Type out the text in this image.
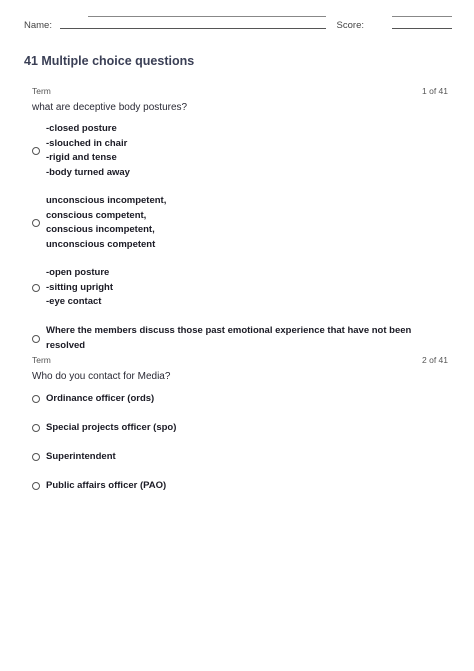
Name:	Score:
41 Multiple choice questions
Term	1 of 41
what are deceptive body postures?
-closed posture
-slouched in chair
-rigid and tense
-body turned away
unconscious incompetent,
conscious competent,
conscious incompetent,
unconscious competent
-open posture
-sitting upright
-eye contact
Where the members discuss those past emotional experience that have not been resolved
Term	2 of 41
Who do you contact for Media?
Ordinance officer (ords)
Special projects officer (spo)
Superintendent
Public affairs officer (PAO)
